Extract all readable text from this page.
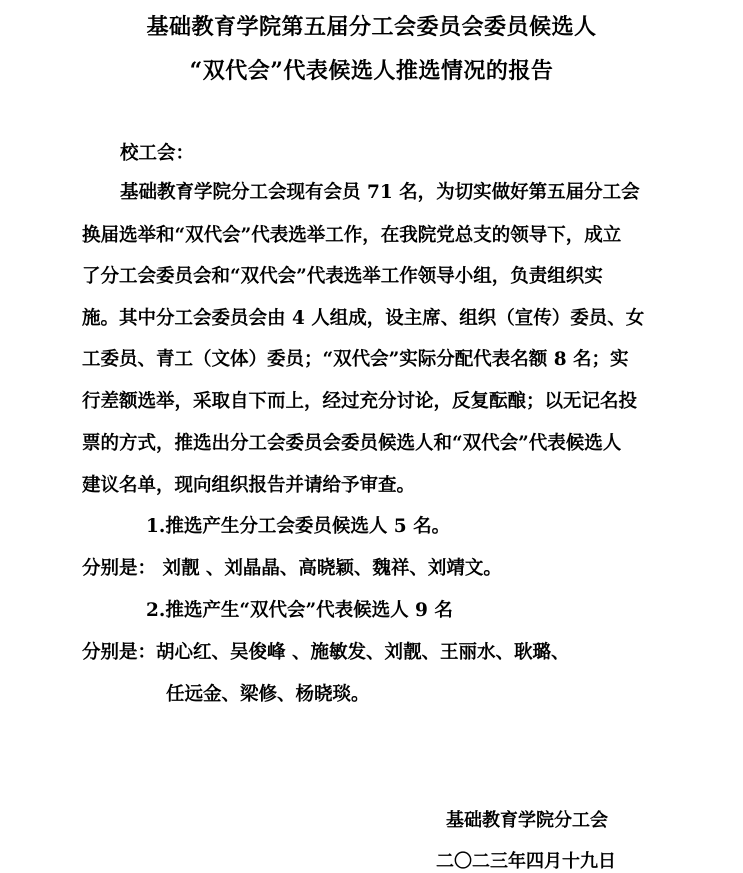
基础教育学院第五届分工会委员会委员候选人
“双代会”代表候选人推选情况的报告
校工会：
基础教育学院分工会现有会员 71 名，为切实做好第五届分工会
换届选举和“双代会”代表选举工作，在我院党总支的领导下，成立
了分工会委员会和“双代会”代表选举工作领导小组，负责组织实
施。其中分工会委员会由 4 人组成，设主席、组织（宣传）委员、女
工委员、青工（文体）委员；“双代会”实际分配代表名额 8 名；实
行差额选举，采取自下而上，经过充分讨论，反复酝酿；以无记名投
票的方式，推选出分工会委员会委员候选人和“双代会”代表候选人
建议名单，现向组织报告并请给予审查。
1.推选产生分工会委员候选人 5 名。
分别是： 刘靓 、刘晶晶、高晓颖、魏祥、刘靖文。
2.推选产生“双代会”代表候选人 9 名
分别是：胡心红、吴俊峰 、施敏发、刘靓、王丽水、耿璐、
任远金、梁修、杨晓琰。
基础教育学院分工会
二〇二三年四月十九日
